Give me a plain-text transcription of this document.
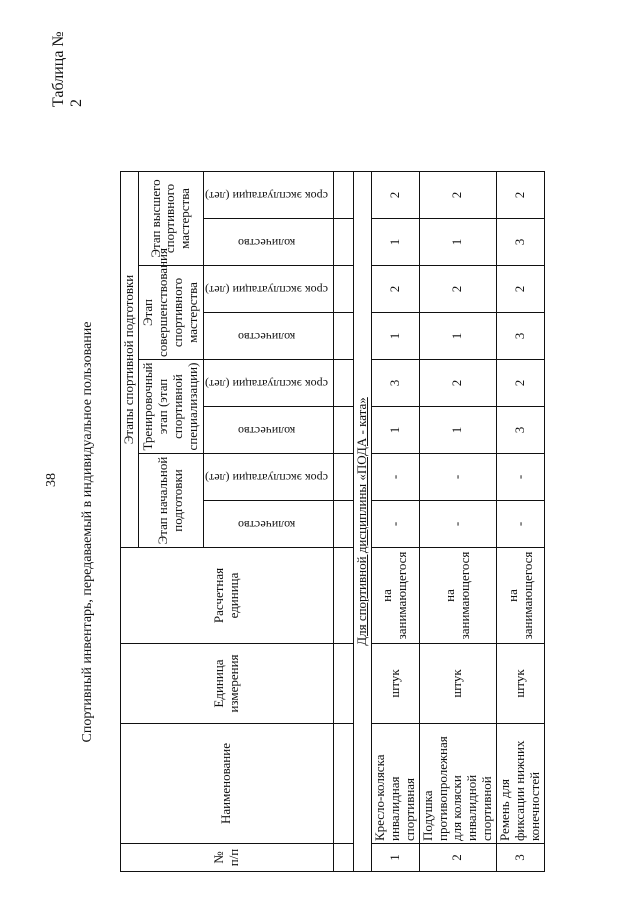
38
Таблица № 2
Спортивный инвентарь, передаваемый в индивидуальное пользование
№ п/п	Наименование	Единица измерения	Расчетная единица	Этапы спортивной подготовки							
				Этап начальной подготовки		Тренировочный этап (этап спортивной специализации)		Этап совершенствования спортивного мастерства		Этап высшего спортивного мастерства	
				количество	срок эксплуатации (лет)	количество	срок эксплуатации (лет)	количество	срок эксплуатации (лет)	количество	срок эксплуатации (лет)

Для спортивной дисциплины «ПОДА - ката»											
1	Кресло-коляска инвалидная спортивная	штук	на занимающегося	-	-	1	3	1	2	1	2
2	Подушка противопролежная для коляски инвалидной спортивной	штук	на занимающегося	-	-	1	2	1	2	1	2
3	Ремень для фиксации нижних конечностей	штук	на занимающегося	-	-	3	2	3	2	3	2
